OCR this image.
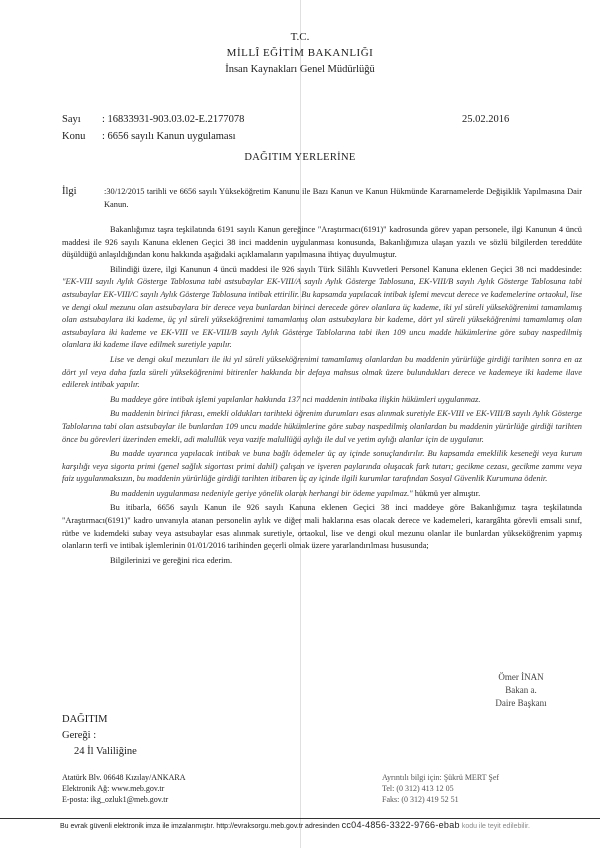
T.C.
MİLLÎ EĞİTİM BAKANLIĞI
İnsan Kaynakları Genel Müdürlüğü
Sayı : 16833931-903.03.02-E.2177078	25.02.2016
Konu : 6656 sayılı Kanun uygulaması
DAĞITIM YERLERİNE
İlgi	:30/12/2015 tarihli ve 6656 sayılı Yükseköğretim Kanunu ile Bazı Kanun ve Kanun Hükmünde Kararnamelerde Değişiklik Yapılmasına Dair Kanun.

Bakanlığımız taşra teşkilatında 6191 sayılı Kanun gereğince "Araştırmacı(6191)" kadrosunda görev yapan personele, ilgi Kanunun 4 üncü maddesi ile 926 sayılı Kanuna eklenen Geçici 38 inci maddenin uygulanması konusunda, Bakanlığımıza ulaşan yazılı ve sözlü bilgilerden tereddüte düşüldüğü anlaşıldığından konu hakkında aşağıdaki açıklamaların yapılmasına ihtiyaç duyulmuştur.

Bilindiği üzere, ilgi Kanunun 4 üncü maddesi ile 926 sayılı Türk Silâhlı Kuvvetleri Personel Kanuna eklenen Geçici 38 nci maddesinde: "EK-VIII sayılı Aylık Gösterge Tablosuna tabi astsubaylar EK-VIII/A sayılı Aylık Gösterge Tablosuna, EK-VIII/B sayılı Aylık Gösterge Tablosuna tabi astsubaylar EK-VIII/C sayılı Aylık Gösterge Tablosuna intibak ettirilir. Bu kapsamda yapılacak intibak işlemi mevcut derece ve kademelerine ortaokul, lise ve dengi okul mezunu olan astsubaylara bir derece veya bunlardan birinci derecede görev olanlara üç kademe, iki yıl süreli yükseköğrenimi tamamlamış olan astsubaylara iki kademe, üç yıl süreli yükseköğrenimi tamamlamış olan astsubaylara bir kademe, dört yıl süreli yükseköğrenimi tamamlamış olan astsubaylara iki kademe ve EK-VIII ve EK-VIII/B sayılı Aylık Gösterge Tablolarına tabi iken 109 uncu madde hükümlerine göre subay naspedilmiş olanlara iki kademe ilave edilmek suretiyle yapılır.

Lise ve dengi okul mezunları ile iki yıl süreli yükseköğrenimi tamamlamış olanlardan bu maddenin yürürlüğe girdiği tarihten sonra en az dört yıl veya daha fazla süreli yükseköğrenimi bitirenler hakkında bir defaya mahsus olmak üzere bulundukları derece ve kademeye iki kademe ilave edilerek intibak yapılır.

Bu maddeye göre intibak işlemi yapılanlar hakkında 137 nci maddenin intibaka ilişkin hükümleri uygulanmaz.

Bu maddenin birinci fıkrası, emekli oldukları tarihteki öğrenim durumları esas alınmak suretiyle EK-VIII ve EK-VIII/B sayılı Aylık Gösterge Tablolarına tabi olan astsubaylar ile bunlardan 109 uncu madde hükümlerine göre subay naspedilmiş olanlardan bu maddenin yürürlüğe girdiği tarihten önce bu görevleri üzerinden emekli, adi malullük veya vazife malullüğü aylığı ile dul ve yetim aylığı alanlar için de uygulanır.

Bu madde uyarınca yapılacak intibak ve buna bağlı ödemeler üç ay içinde sonuçlandırılır. Bu kapsamda emeklilik keseneği veya kurum karşılığı veya sigorta primi (genel sağlık sigortası primi dahil) çalışan ve işveren paylarında oluşacak fark tutarı; gecikme cezası, gecikme zammı veya faiz uygulanmaksızın, bu maddenin yürürlüğe girdiği tarihten itibaren üç ay içinde ilgili kurumlar tarafından Sosyal Güvenlik Kurumuna ödenir.

Bu maddenin uygulanması nedeniyle geriye yönelik olarak herhangi bir ödeme yapılmaz." hükmü yer almıştır.

Bu itibarla, 6656 sayılı Kanun ile 926 sayılı Kanuna eklenen Geçici 38 inci maddeye göre Bakanlığımız taşra teşkilatında "Araştırmacı(6191)" kadro unvanıyla atanan personelin aylık ve diğer mali haklarına esas olacak derece ve kademeleri, karargâhta görevli emsali sınıf, rütbe ve kıdemdeki subay veya astsubaylar esas alınmak suretiyle, ortaokul, lise ve dengi okul mezunu olanlar ile bunlardan yükseköğrenim yapmış olanların terfi ve intibak işlemlerinin 01/01/2016 tarihinden geçerli olmak üzere yararlandırılması hususunda;

Bilgilerinizi ve gereğini rica ederim.

Ömer İNAN
Bakan a.
Daire Başkanı
DAĞITIM
Gereği :
24 İl Valiliğine
Atatürk Blv. 06648 Kızılay/ANKARA
Elektronik Ağ: www.meb.gov.tr
E-posta: ikg_ozluk1@meb.gov.tr
Ayrıntılı bilgi için: Şükrü MERT Şef
Tel: (0 312) 413 12 05
Faks: (0 312) 419 52 51
Bu evrak güvenli elektronik imza ile imzalanmıştır. http://evraksorgu.meb.gov.tr adresinden cc04-4856-3322-9766-ebab kodu ile teyit edilebilir.
